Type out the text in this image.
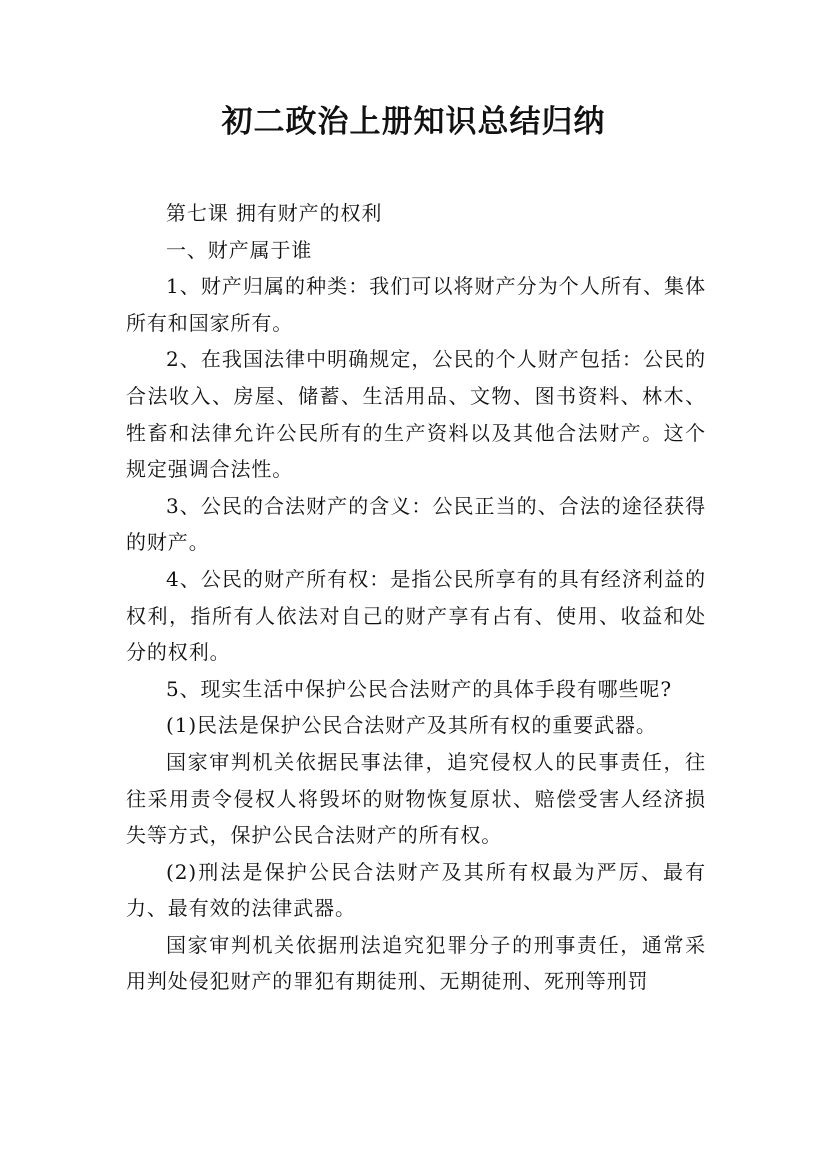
初二政治上册知识总结归纳

第七课 拥有财产的权利

一、财产属于谁

1、财产归属的种类：我们可以将财产分为个人所有、集体所有和国家所有。

2、在我国法律中明确规定，公民的个人财产包括：公民的合法收入、房屋、储蓄、生活用品、文物、图书资料、林木、牲畜和法律允许公民所有的生产资料以及其他合法财产。这个规定强调合法性。

3、公民的合法财产的含义：公民正当的、合法的途径获得的财产。

4、公民的财产所有权：是指公民所享有的具有经济利益的权利，指所有人依法对自己的财产享有占有、使用、收益和处分的权利。

5、现实生活中保护公民合法财产的具体手段有哪些呢?

(1)民法是保护公民合法财产及其所有权的重要武器。

国家审判机关依据民事法律，追究侵权人的民事责任，往往采用责令侵权人将毁坏的财物恢复原状、赔偿受害人经济损失等方式，保护公民合法财产的所有权。

(2)刑法是保护公民合法财产及其所有权最为严厉、最有力、最有效的法律武器。

国家审判机关依据刑法追究犯罪分子的刑事责任，通常采用判处侵犯财产的罪犯有期徒刑、无期徒刑、死刑等刑罚
